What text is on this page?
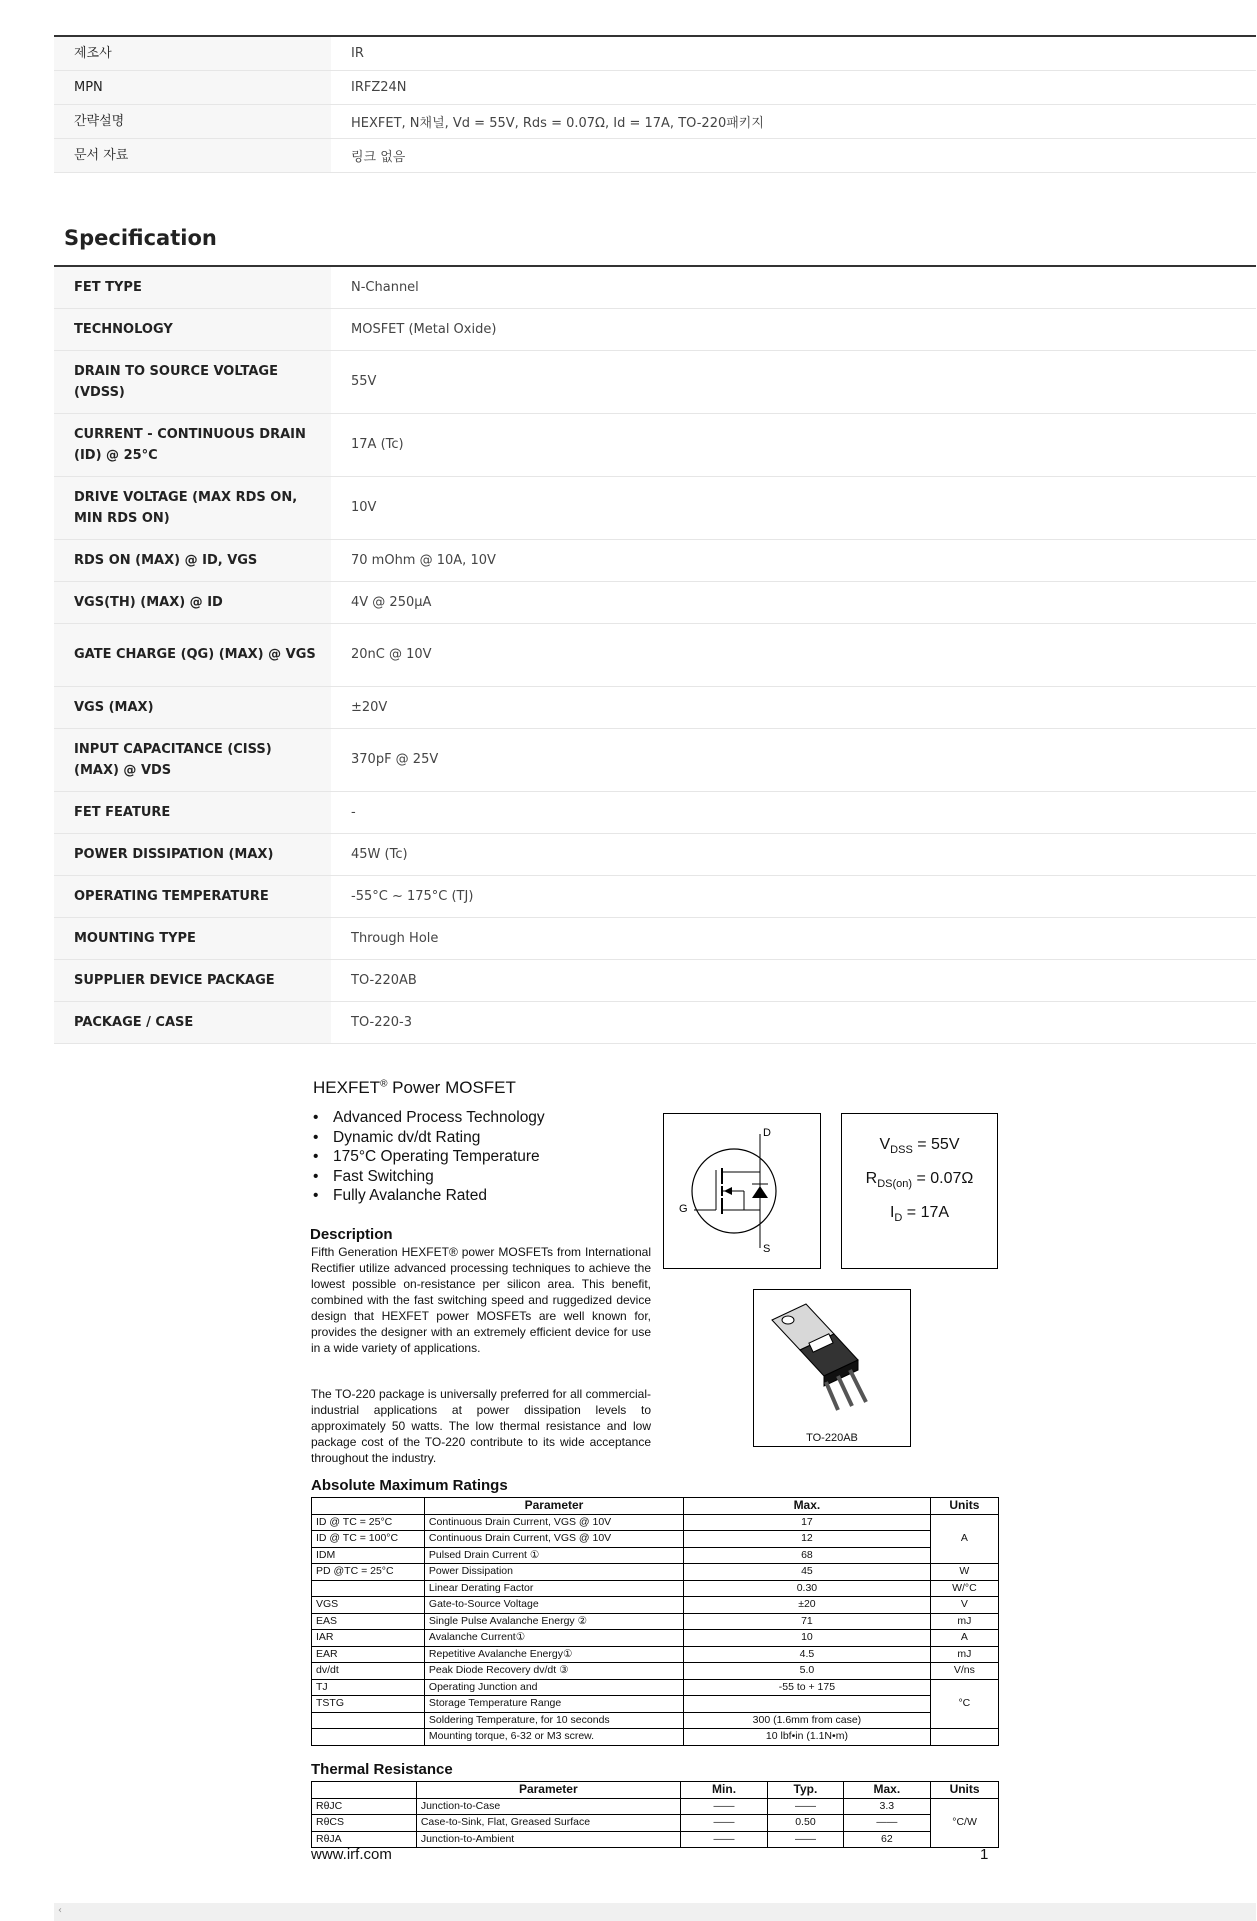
제조사	IR
MPN	IRFZ24N
간략설명	HEXFET, N채널, Vd = 55V, Rds = 0.07Ω, Id = 17A, TO-220패키지
문서 자료	링크 없음
Specification
FET TYPE	N-Channel
TECHNOLOGY	MOSFET (Metal Oxide)
DRAIN TO SOURCE VOLTAGE (VDSS)	55V
CURRENT - CONTINUOUS DRAIN (ID) @ 25°C	17A (Tc)
DRIVE VOLTAGE (MAX RDS ON, MIN RDS ON)	10V
RDS ON (MAX) @ ID, VGS	70 mOhm @ 10A, 10V
VGS(TH) (MAX) @ ID	4V @ 250µA
GATE CHARGE (QG) (MAX) @ VGS	20nC @ 10V
VGS (MAX)	±20V
INPUT CAPACITANCE (CISS) (MAX) @ VDS	370pF @ 25V
FET FEATURE	-
POWER DISSIPATION (MAX)	45W (Tc)
OPERATING TEMPERATURE	-55°C ~ 175°C (TJ)
MOUNTING TYPE	Through Hole
SUPPLIER DEVICE PACKAGE	TO-220AB
PACKAGE / CASE	TO-220-3
HEXFET® Power MOSFET
• Advanced Process Technology
• Dynamic dv/dt Rating
• 175°C Operating Temperature
• Fast Switching
• Fully Avalanche Rated
D
G
S
$V_{DSS} = 55V$
$R_{DS(on)} = 0.07\Omega$
$I_D = 17A$
TO-220AB
Description

Fifth Generation HEXFET® power MOSFETs from International Rectifier utilize advanced processing techniques to achieve the lowest possible on-resistance per silicon area. This benefit, combined with the fast switching speed and ruggedized device design that HEXFET power MOSFETs are well known for, provides the designer with an extremely efficient device for use in a wide variety of applications.

The TO-220 package is universally preferred for all commercial-industrial applications at power dissipation levels to approximately 50 watts. The low thermal resistance and low package cost of the TO-220 contribute to its wide acceptance throughout the industry.

Absolute Maximum Ratings
	Parameter	Max.	Units
ID @ TC = 25°C	Continuous Drain Current, VGS @ 10V	17	A
ID @ TC = 100°C	Continuous Drain Current, VGS @ 10V	12	
IDM	Pulsed Drain Current ①	68	
PD @TC = 25°C	Power Dissipation	45	W
	Linear Derating Factor	0.30	W/°C
VGS	Gate-to-Source Voltage	±20	V
EAS	Single Pulse Avalanche Energy ②	71	mJ
IAR	Avalanche Current①	10	A
EAR	Repetitive Avalanche Energy①	4.5	mJ
dv/dt	Peak Diode Recovery dv/dt ③	5.0	V/ns
TJ	Operating Junction and	-55 to + 175	°C
TSTG	Storage Temperature Range		
	Soldering Temperature, for 10 seconds	300 (1.6mm from case)	
	Mounting torque, 6-32 or M3 screw.	10 lbf•in (1.1N•m)	
Thermal Resistance
	Parameter	Min.	Typ.	Max.	Units
RθJC	Junction-to-Case	——	——	3.3	°C/W
RθCS	Case-to-Sink, Flat, Greased Surface	——	0.50	——	
RθJA	Junction-to-Ambient	——	——	62	
www.irf.com	1
‹
